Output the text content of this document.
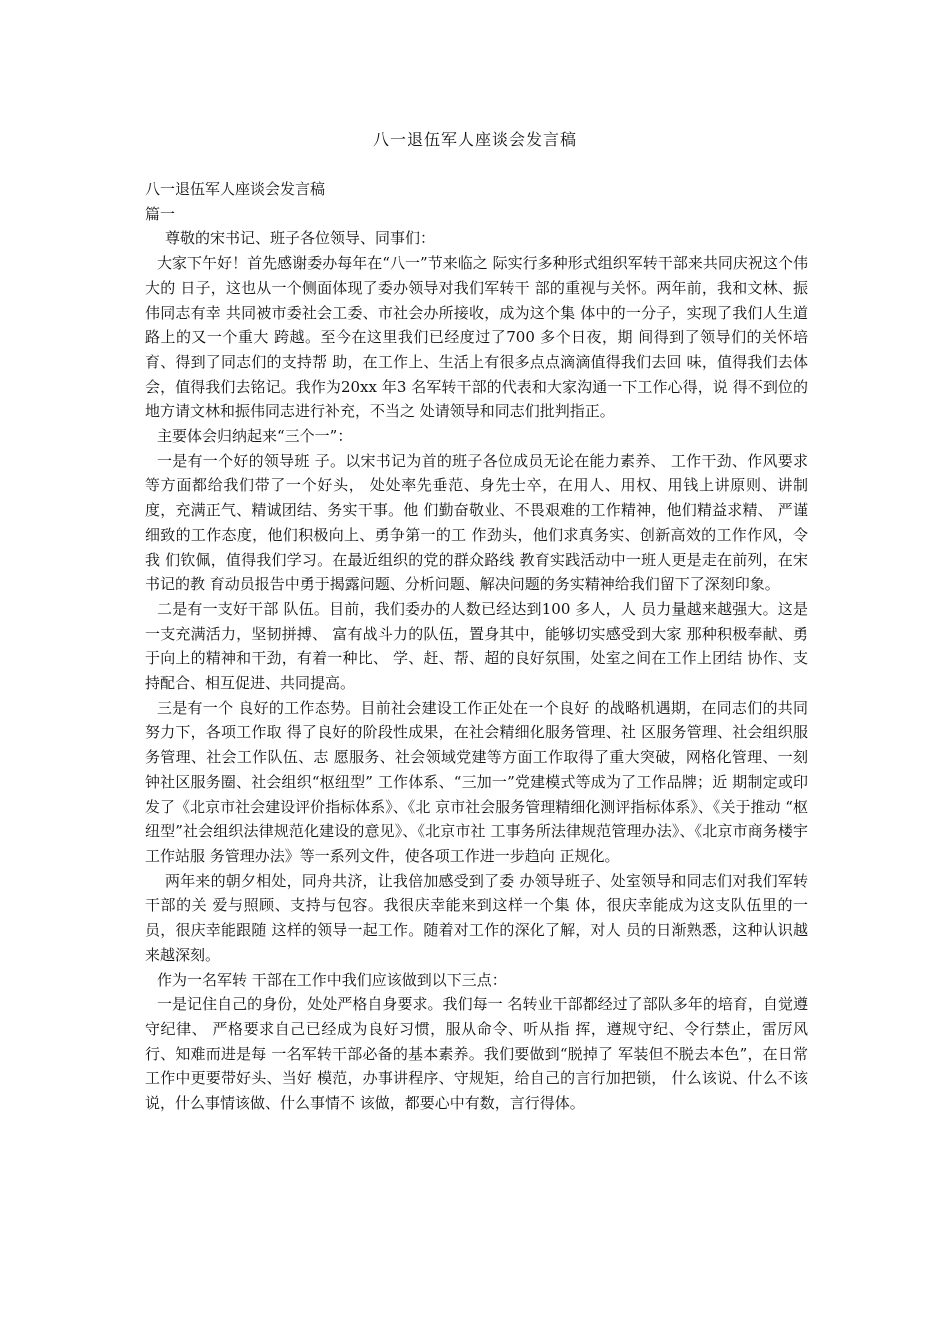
八一退伍军人座谈会发言稿

八一退伍军人座谈会发言稿

篇一

尊敬的宋书记、班子各位领导、同事们：

大家下午好！首先感谢委办每年在“八一”节来临之 际实行多种形式组织军转干部来共同庆祝这个伟大的 日子，这也从一个侧面体现了委办领导对我们军转干 部的重视与关怀。两年前，我和文林、振伟同志有幸 共同被市委社会工委、市社会办所接收，成为这个集 体中的一分子，实现了我们人生道路上的又一个重大 跨越。至今在这里我们已经度过了700 多个日夜，期 间得到了领导们的关怀培育、得到了同志们的支持帮 助，在工作上、生活上有很多点点滴滴值得我们去回 味，值得我们去体会，值得我们去铭记。我作为20xx 年3 名军转干部的代表和大家沟通一下工作心得，说 得不到位的地方请文林和振伟同志进行补充，不当之 处请领导和同志们批判指正。

主要体会归纳起来“三个一”：

一是有一个好的领导班 子。以宋书记为首的班子各位成员无论在能力素养、 工作干劲、作风要求等方面都给我们带了一个好头， 处处率先垂范、身先士卒，在用人、用权、用钱上讲原则、讲制度，充满正气、精诚团结、务实干事。他 们勤奋敬业、不畏艰难的工作精神，他们精益求精、 严谨细致的工作态度，他们积极向上、勇争第一的工 作劲头，他们求真务实、创新高效的工作作风，令我 们钦佩，值得我们学习。在最近组织的党的群众路线 教育实践活动中一班人更是走在前列，在宋书记的教 育动员报告中勇于揭露问题、分析问题、解决问题的务实精神给我们留下了深刻印象。

二是有一支好干部 队伍。目前，我们委办的人数已经达到100 多人，人 员力量越来越强大。这是一支充满活力，坚韧拼搏、 富有战斗力的队伍，置身其中，能够切实感受到大家 那种积极奉献、勇于向上的精神和干劲，有着一种比、 学、赶、帮、超的良好氛围，处室之间在工作上团结 协作、支持配合、相互促进、共同提高。

三是有一个 良好的工作态势。目前社会建设工作正处在一个良好 的战略机遇期，在同志们的共同努力下，各项工作取 得了良好的阶段性成果，在社会精细化服务管理、社 区服务管理、社会组织服务管理、社会工作队伍、志 愿服务、社会领域党建等方面工作取得了重大突破，网格化管理、一刻钟社区服务圈、社会组织“枢纽型” 工作体系、“三加一”党建模式等成为了工作品牌；近 期制定或印发了《北京市社会建设评价指标体系》、《北 京市社会服务管理精细化测评指标体系》、《关于推动 “枢纽型”社会组织法律规范化建设的意见》、《北京市社 工事务所法律规范管理办法》、《北京市商务楼宇工作站服 务管理办法》等一系列文件，使各项工作进一步趋向 正规化。

两年来的朝夕相处，同舟共济，让我倍加感受到了委 办领导班子、处室领导和同志们对我们军转干部的关 爱与照顾、支持与包容。我很庆幸能来到这样一个集 体，很庆幸能成为这支队伍里的一员，很庆幸能跟随 这样的领导一起工作。随着对工作的深化了解，对人 员的日渐熟悉，这种认识越来越深刻。

作为一名军转 干部在工作中我们应该做到以下三点：

一是记住自己的身份，处处严格自身要求。我们每一 名转业干部都经过了部队多年的培育，自觉遵守纪律、 严格要求自己已经成为良好习惯，服从命令、听从指 挥，遵规守纪、令行禁止，雷厉风行、知难而进是每 一名军转干部必备的基本素养。我们要做到“脱掉了 军装但不脱去本色”，在日常工作中更要带好头、当好 模范，办事讲程序、守规矩，给自己的言行加把锁， 什么该说、什么不该说，什么事情该做、什么事情不 该做，都要心中有数，言行得体。
